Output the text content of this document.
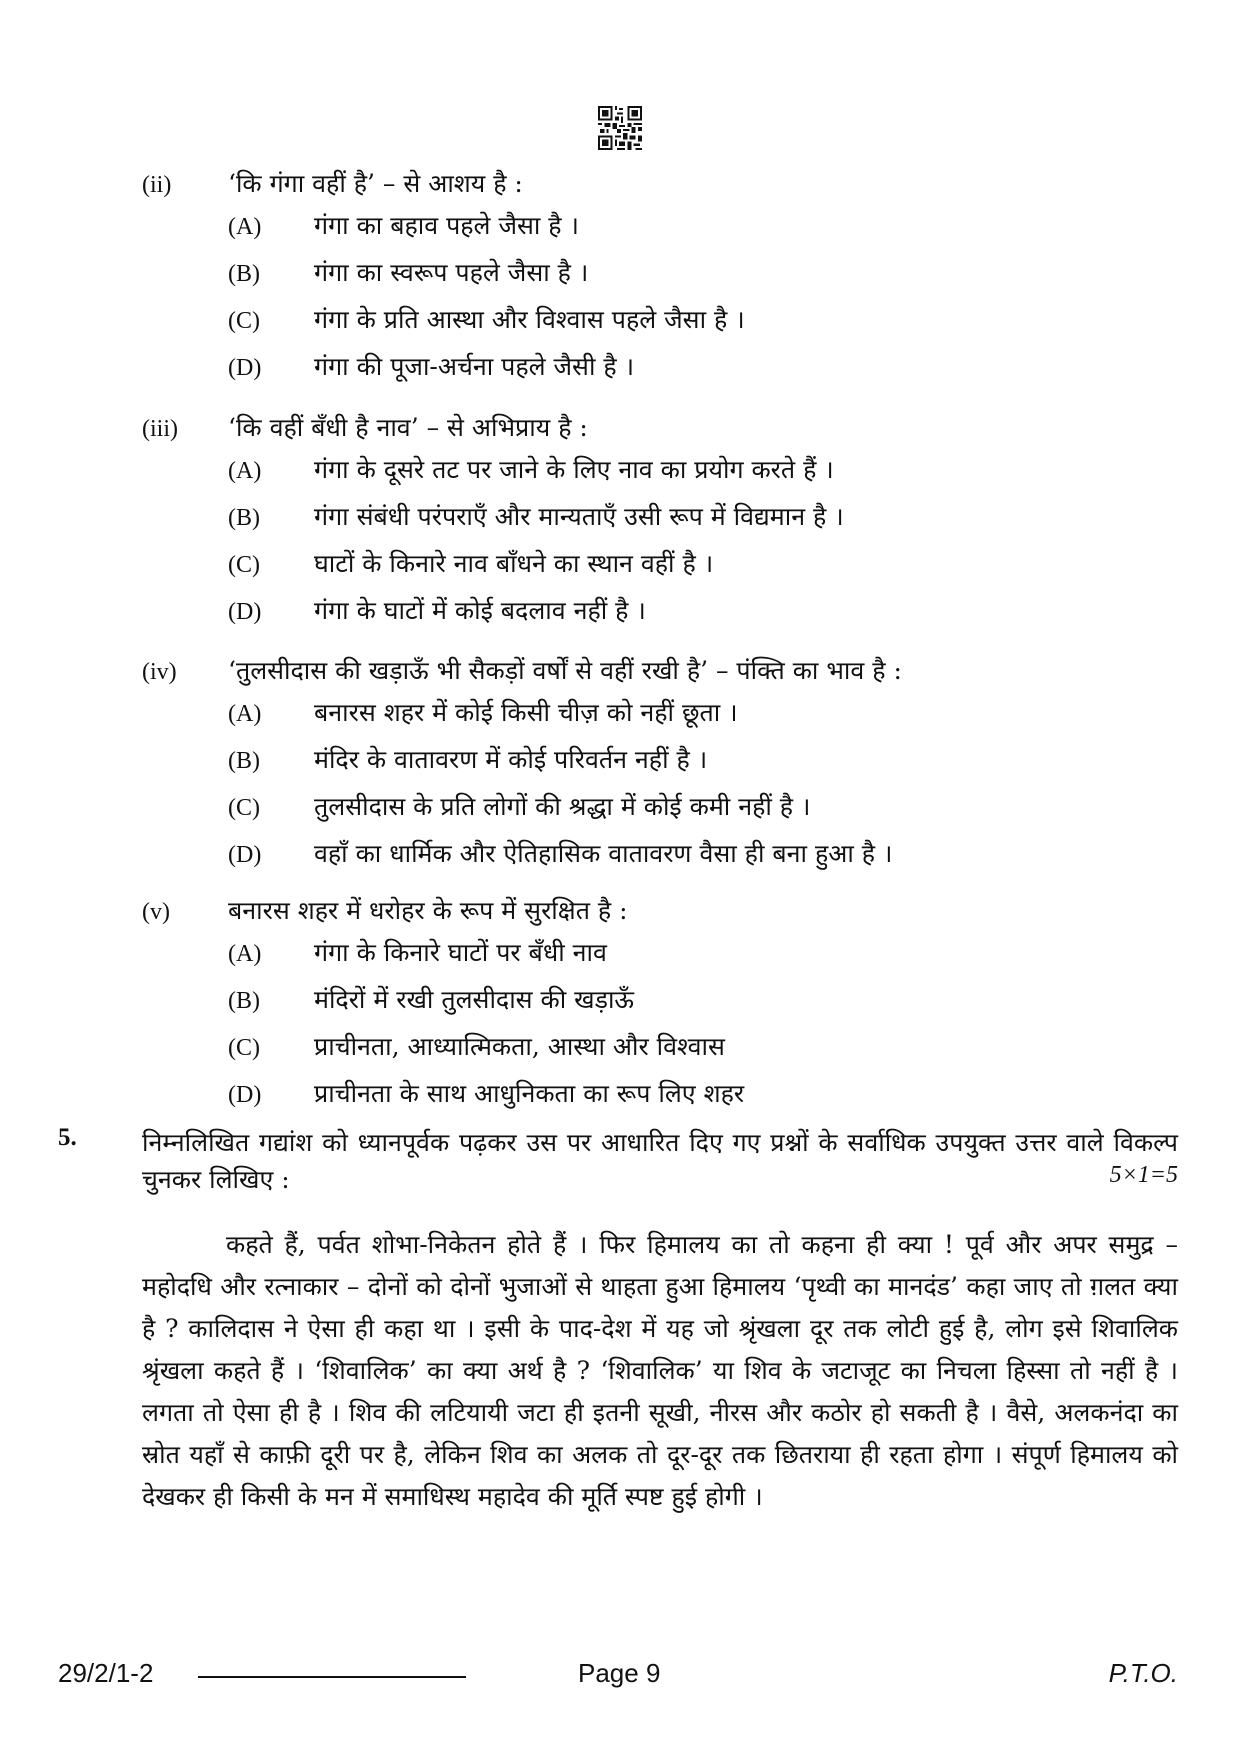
(ii)	‘कि गंगा वहीं है’ – से आशय है :
(A)	गंगा का बहाव पहले जैसा है ।
(B)	गंगा का स्वरूप पहले जैसा है ।
(C)	गंगा के प्रति आस्था और विश्वास पहले जैसा है ।
(D)	गंगा की पूजा-अर्चना पहले जैसी है ।
(iii)	‘कि वहीं बँधी है नाव’ – से अभिप्राय है :
(A)	गंगा के दूसरे तट पर जाने के लिए नाव का प्रयोग करते हैं ।
(B)	गंगा संबंधी परंपराएँ और मान्यताएँ उसी रूप में विद्यमान है ।
(C)	घाटों के किनारे नाव बाँधने का स्थान वहीं है ।
(D)	गंगा के घाटों में कोई बदलाव नहीं है ।
(iv)	‘तुलसीदास की खड़ाऊँ भी सैकड़ों वर्षों से वहीं रखी है’ – पंक्ति का भाव है :
(A)	बनारस शहर में कोई किसी चीज़ को नहीं छूता ।
(B)	मंदिर के वातावरण में कोई परिवर्तन नहीं है ।
(C)	तुलसीदास के प्रति लोगों की श्रद्धा में कोई कमी नहीं है ।
(D)	वहाँ का धार्मिक और ऐतिहासिक वातावरण वैसा ही बना हुआ है ।
(v)	बनारस शहर में धरोहर के रूप में सुरक्षित है :
(A)	गंगा के किनारे घाटों पर बँधी नाव
(B)	मंदिरों में रखी तुलसीदास की खड़ाऊँ
(C)	प्राचीनता, आध्यात्मिकता, आस्था और विश्वास
(D)	प्राचीनता के साथ आधुनिकता का रूप लिए शहर
5.	निम्नलिखित गद्यांश को ध्यानपूर्वक पढ़कर उस पर आधारित दिए गए प्रश्नों के सर्वाधिक उपयुक्त उत्तर वाले विकल्प चुनकर लिखिए :	5×1=5
कहते हैं, पर्वत शोभा-निकेतन होते हैं । फिर हिमालय का तो कहना ही क्या ! पूर्व और अपर समुद्र – महोदधि और रत्नाकार – दोनों को दोनों भुजाओं से थाहता हुआ हिमालय ‘पृथ्वी का मानदंड’ कहा जाए तो ग़लत क्या है ? कालिदास ने ऐसा ही कहा था । इसी के पाद-देश में यह जो श्रृंखला दूर तक लोटी हुई है, लोग इसे शिवालिक श्रृंखला कहते हैं । ‘शिवालिक’ का क्या अर्थ है ? ‘शिवालिक’ या शिव के जटाजूट का निचला हिस्सा तो नहीं है । लगता तो ऐसा ही है । शिव की लटियायी जटा ही इतनी सूखी, नीरस और कठोर हो सकती है । वैसे, अलकनंदा का स्रोत यहाँ से काफ़ी दूरी पर है, लेकिन शिव का अलक तो दूर-दूर तक छितराया ही रहता होगा । संपूर्ण हिमालय को देखकर ही किसी के मन में समाधिस्थ महादेव की मूर्ति स्पष्ट हुई होगी ।
29/2/1-2	Page 9	P.T.O.
